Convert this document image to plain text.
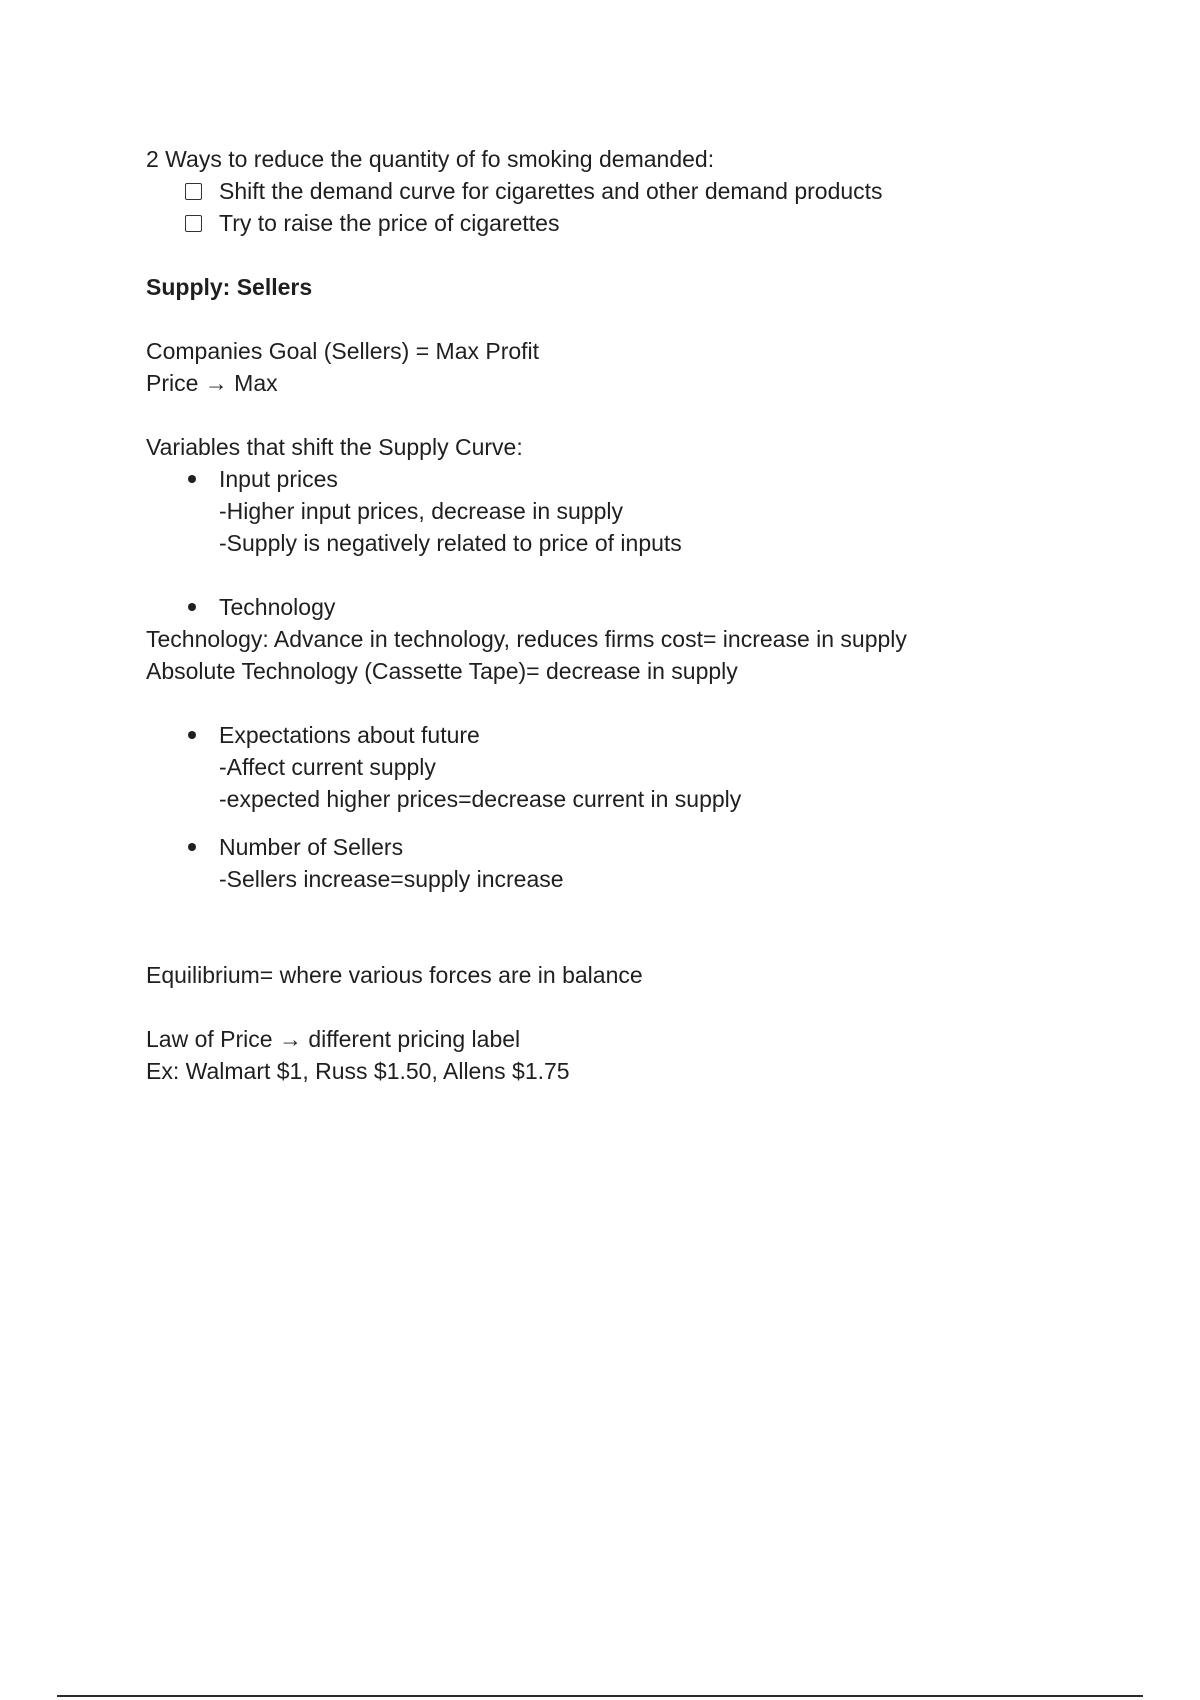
2 Ways to reduce the quantity of fo smoking demanded:
Shift the demand curve for cigarettes and other demand products
Try to raise the price of cigarettes
Supply: Sellers
Companies Goal (Sellers) = Max Profit
Price → Max
Variables that shift the Supply Curve:
Input prices
-Higher input prices, decrease in supply
-Supply is negatively related to price of inputs
Technology
Technology: Advance in technology, reduces firms cost= increase in supply
Absolute Technology (Cassette Tape)= decrease in supply
Expectations about future
-Affect current supply
-expected higher prices=decrease current in supply
Number of Sellers
-Sellers increase=supply increase
Equilibrium= where various forces are in balance
Law of Price → different pricing label
Ex: Walmart $1, Russ $1.50, Allens $1.75
